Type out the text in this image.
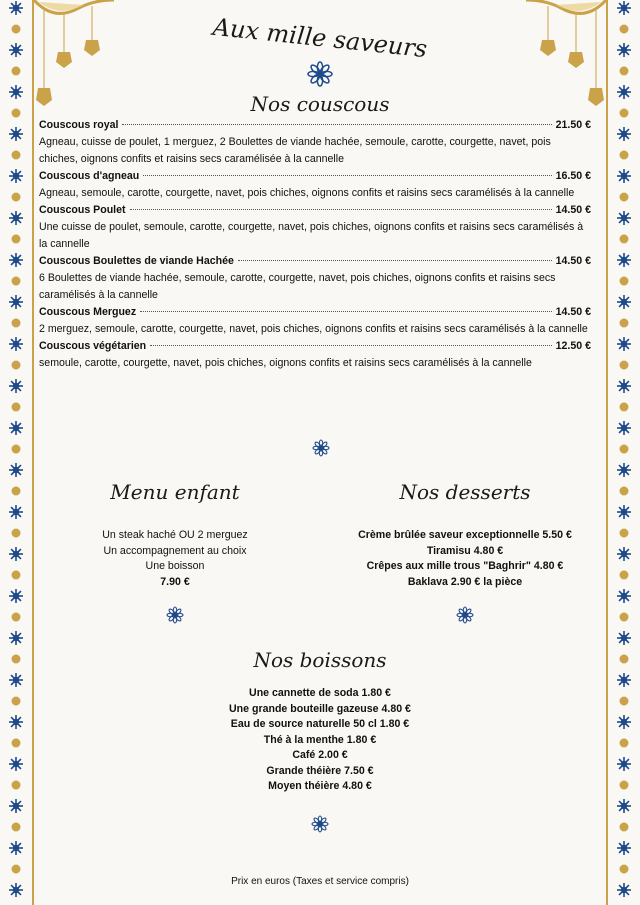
Aux mille saveurs
Nos couscous
Couscous royal	21.50 €
Agneau, cuisse de poulet, 1 merguez, 2 Boulettes de viande hachée, semoule, carotte, courgette, navet, pois chiches, oignons confits et raisins secs caramélisée à la cannelle
Couscous d'agneau	16.50 €
Agneau, semoule, carotte, courgette, navet, pois chiches, oignons confits et raisins secs caramélisés à la cannelle
Couscous Poulet	14.50 €
Une cuisse de poulet, semoule, carotte, courgette, navet, pois chiches, oignons confits et raisins secs caramélisés à la cannelle
Couscous Boulettes de viande Hachée	14.50 €
6 Boulettes de viande hachée, semoule, carotte, courgette, navet, pois chiches, oignons confits et raisins secs caramélisés à la cannelle
Couscous Merguez	14.50 €
2 merguez, semoule, carotte, courgette, navet, pois chiches, oignons confits et raisins secs caramélisés à la cannelle
Couscous végétarien	12.50 €
semoule, carotte, courgette, navet, pois chiches, oignons confits et raisins secs caramélisés à la cannelle
Menu enfant
Un steak haché OU 2 merguez
Un accompagnement au choix
Une boisson
7.90 €
Nos desserts
Crème brûlée saveur exceptionnelle 5.50 €
Tiramisu 4.80 €
Crêpes aux mille trous "Baghrir" 4.80 €
Baklava 2.90 € la pièce
Nos boissons
Une cannette de soda 1.80 €
Une grande bouteille gazeuse 4.80 €
Eau de source naturelle 50 cl 1.80 €
Thé à la menthe 1.80 €
Café 2.00 €
Grande théière 7.50 €
Moyen théière 4.80 €
Prix en euros (Taxes et service compris)
